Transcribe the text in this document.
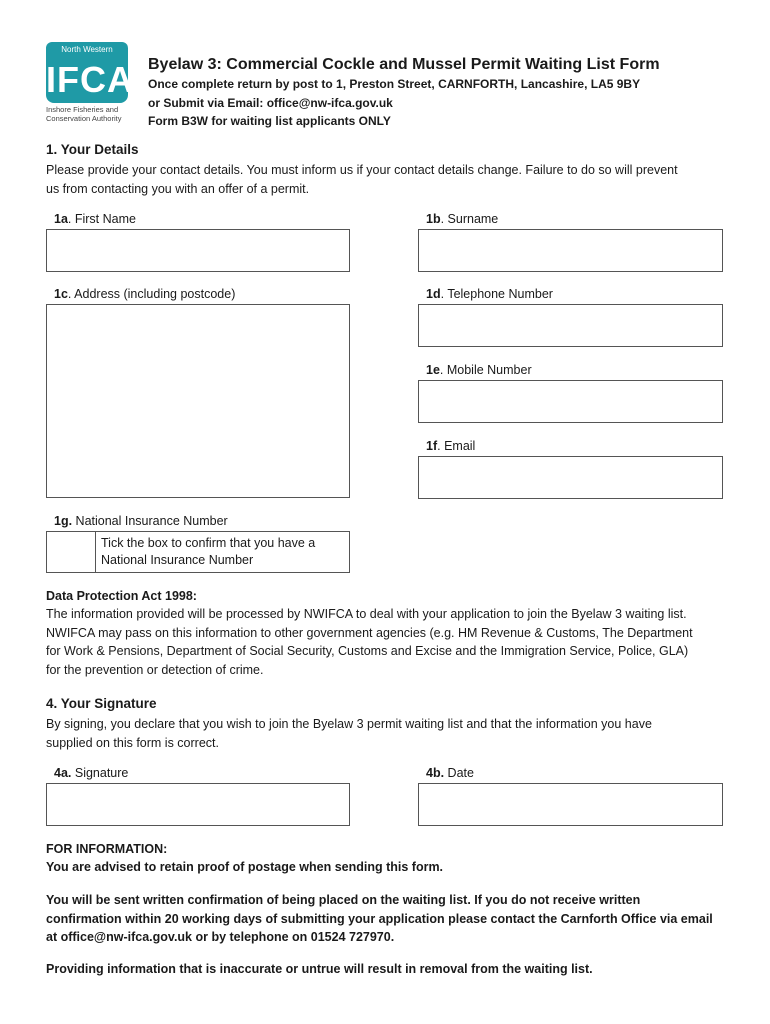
North Western
IFCA
Inshore Fisheries and Conservation Authority
Byelaw 3: Commercial Cockle and Mussel Permit Waiting List Form
Once complete return by post to 1, Preston Street, CARNFORTH, Lancashire, LA5 9BY
or Submit via Email: office@nw-ifca.gov.uk
Form B3W for waiting list applicants ONLY
1. Your Details
Please provide your contact details. You must inform us if your contact details change. Failure to do so will prevent
us from contacting you with an offer of a permit.
1a. First Name	1b. Surname
1c. Address (including postcode)	1d. Telephone Number
1e. Mobile Number
1f. Email
1g. National Insurance Number
Tick the box to confirm that you have a National Insurance Number
Data Protection Act 1998:
The information provided will be processed by NWIFCA to deal with your application to join the Byelaw 3 waiting list.
NWIFCA may pass on this information to other government agencies (e.g. HM Revenue & Customs, The Department
for Work & Pensions, Department of Social Security, Customs and Excise and the Immigration Service, Police, GLA)
for the prevention or detection of crime.
4. Your Signature
By signing, you declare that you wish to join the Byelaw 3 permit waiting list and that the information you have
supplied on this form is correct.
4a. Signature	4b. Date
FOR INFORMATION:
You are advised to retain proof of postage when sending this form.
You will be sent written confirmation of being placed on the waiting list. If you do not receive written
confirmation within 20 working days of submitting your application please contact the Carnforth Office via email
at office@nw-ifca.gov.uk or by telephone on 01524 727970.
Providing information that is inaccurate or untrue will result in removal from the waiting list.
